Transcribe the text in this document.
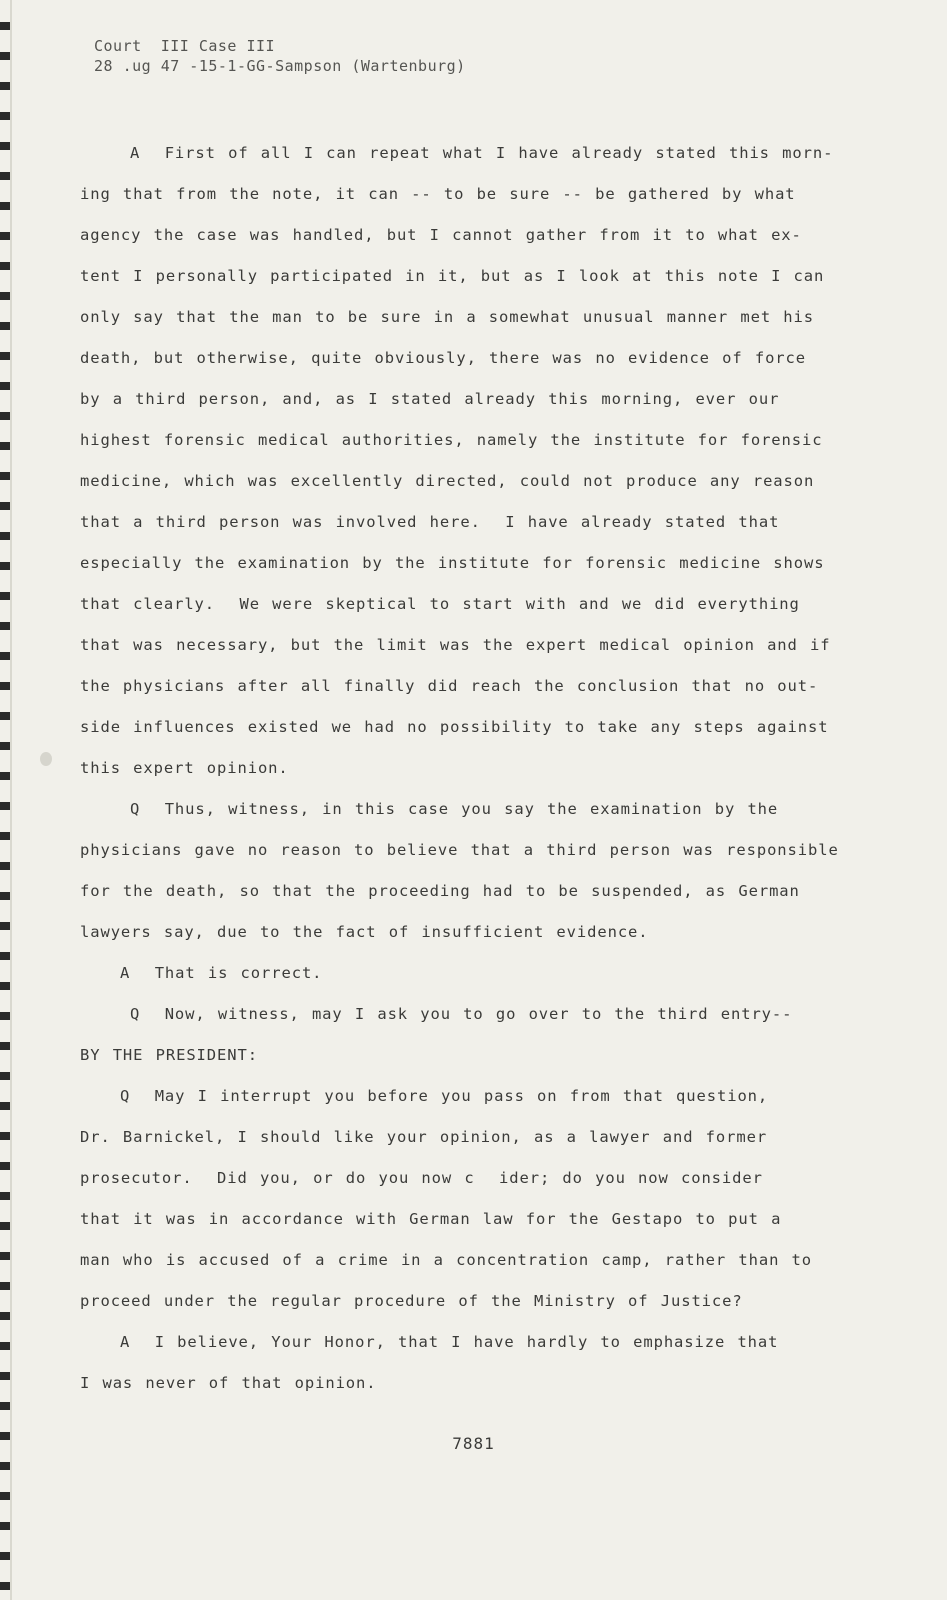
Court  III Case III
28 .ug 47 -15-1-GG-Sampson (Wartenburg)
A  First of all I can repeat what I have already stated this morn-
ing that from the note, it can -- to be sure -- be gathered by what
agency the case was handled, but I cannot gather from it to what ex-
tent I personally participated in it, but as I look at this note I can
only say that the man to be sure in a somewhat unusual manner met his
death, but otherwise, quite obviously, there was no evidence of force
by a third person, and, as I stated already this morning, ever our
highest forensic medical authorities, namely the institute for forensic
medicine, which was excellently directed, could not produce any reason
that a third person was involved here.  I have already stated that
especially the examination by the institute for forensic medicine shows
that clearly.  We were skeptical to start with and we did everything
that was necessary, but the limit was the expert medical opinion and if
the physicians after all finally did reach the conclusion that no out-
side influences existed we had no possibility to take any steps against
this expert opinion.
Q  Thus, witness, in this case you say the examination by the
physicians gave no reason to believe that a third person was responsible
for the death, so that the proceeding had to be suspended, as German
lawyers say, due to the fact of insufficient evidence.
A  That is correct.
Q  Now, witness, may I ask you to go over to the third entry--
BY THE PRESIDENT:
Q  May I interrupt you before you pass on from that question,
Dr. Barnickel, I should like your opinion, as a lawyer and former
prosecutor.  Did you, or do you now c  ider; do you now consider
that it was in accordance with German law for the Gestapo to put a
man who is accused of a crime in a concentration camp, rather than to
proceed under the regular procedure of the Ministry of Justice?
A  I believe, Your Honor, that I have hardly to emphasize that
I was never of that opinion.
7881
